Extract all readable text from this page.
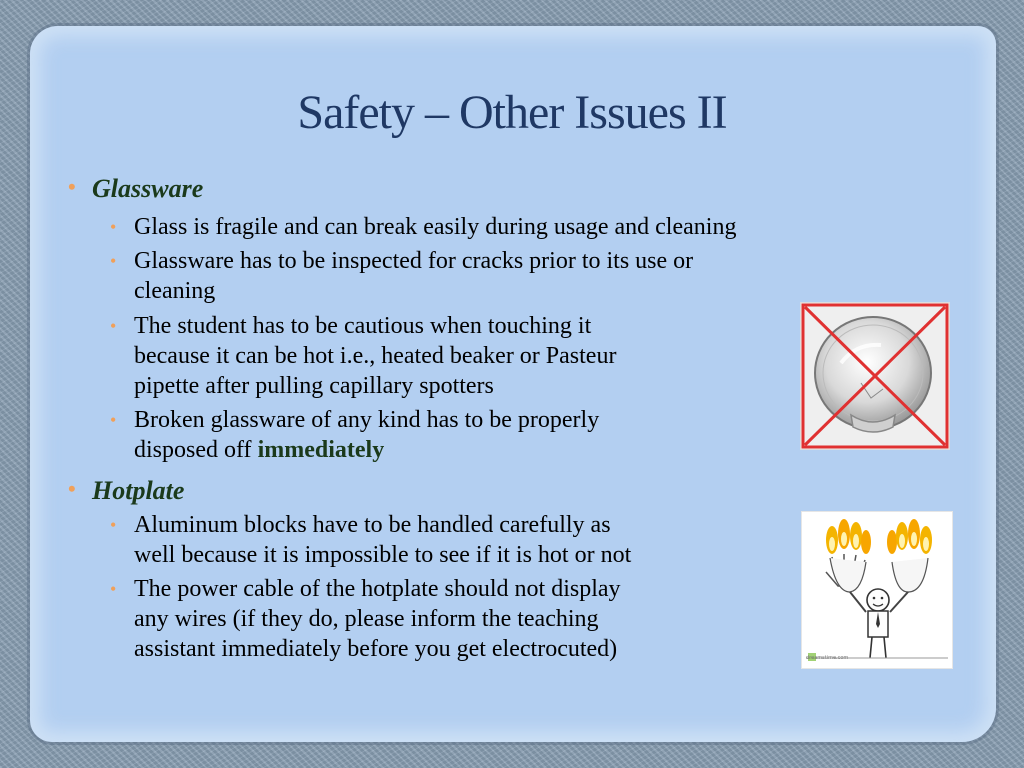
Safety – Other Issues II
• Glassware
• Glass is fragile and can break easily during usage and cleaning
• Glassware has to be inspected for cracks prior to its use or
cleaning
• The student has to be cautious when touching it
because it can be hot i.e., heated beaker or Pasteur
pipette after pulling capillary spotters
• Broken glassware of any kind has to be properly
disposed off immediately
• Hotplate
• Aluminum blocks have to be handled carefully as
well because it is impossible to see if it is hot or not
• The power cable of the hotplate should not display
any wires (if they do, please inform the teaching
assistant immediately before you get electrocuted)	dreamstime.com
